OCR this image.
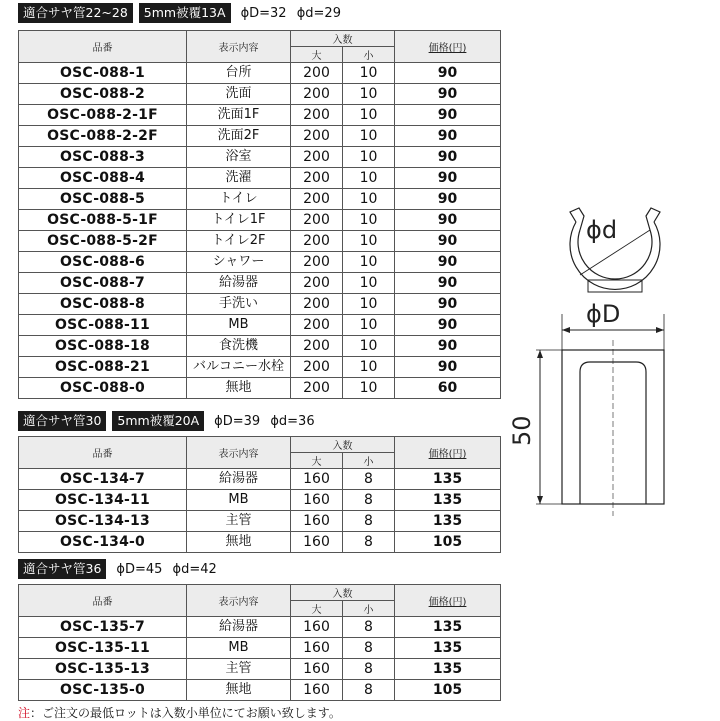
適合サヤ管22~28	5mm被覆13A	ϕD=32 ϕd=29
品番	表示内容	入数		価格(円)
		大	小	
OSC-088-1	台所	200	10	90
OSC-088-2	洗面	200	10	90
OSC-088-2-1F	洗面1F	200	10	90
OSC-088-2-2F	洗面2F	200	10	90
OSC-088-3	浴室	200	10	90
OSC-088-4	洗濯	200	10	90
OSC-088-5	トイレ	200	10	90
OSC-088-5-1F	トイレ1F	200	10	90
OSC-088-5-2F	トイレ2F	200	10	90
OSC-088-6	シャワー	200	10	90
OSC-088-7	給湯器	200	10	90
OSC-088-8	手洗い	200	10	90
OSC-088-11	MB	200	10	90
OSC-088-18	食洗機	200	10	90
OSC-088-21	バルコニー水栓	200	10	90
OSC-088-0	無地	200	10	60
適合サヤ管30	5mm被覆20A	ϕD=39 ϕd=36
品番	表示内容	入数		価格(円)
		大	小	
OSC-134-7	給湯器	160	8	135
OSC-134-11	MB	160	8	135
OSC-134-13	主管	160	8	135
OSC-134-0	無地	160	8	105
適合サヤ管36	ϕD=45 ϕd=42
品番	表示内容	入数		価格(円)
		大	小	
OSC-135-7	給湯器	160	8	135
OSC-135-11	MB	160	8	135
OSC-135-13	主管	160	8	135
OSC-135-0	無地	160	8	105
注：ご注文の最低ロットは入数小単位にてお願い致します。
ϕd
ϕD
50
